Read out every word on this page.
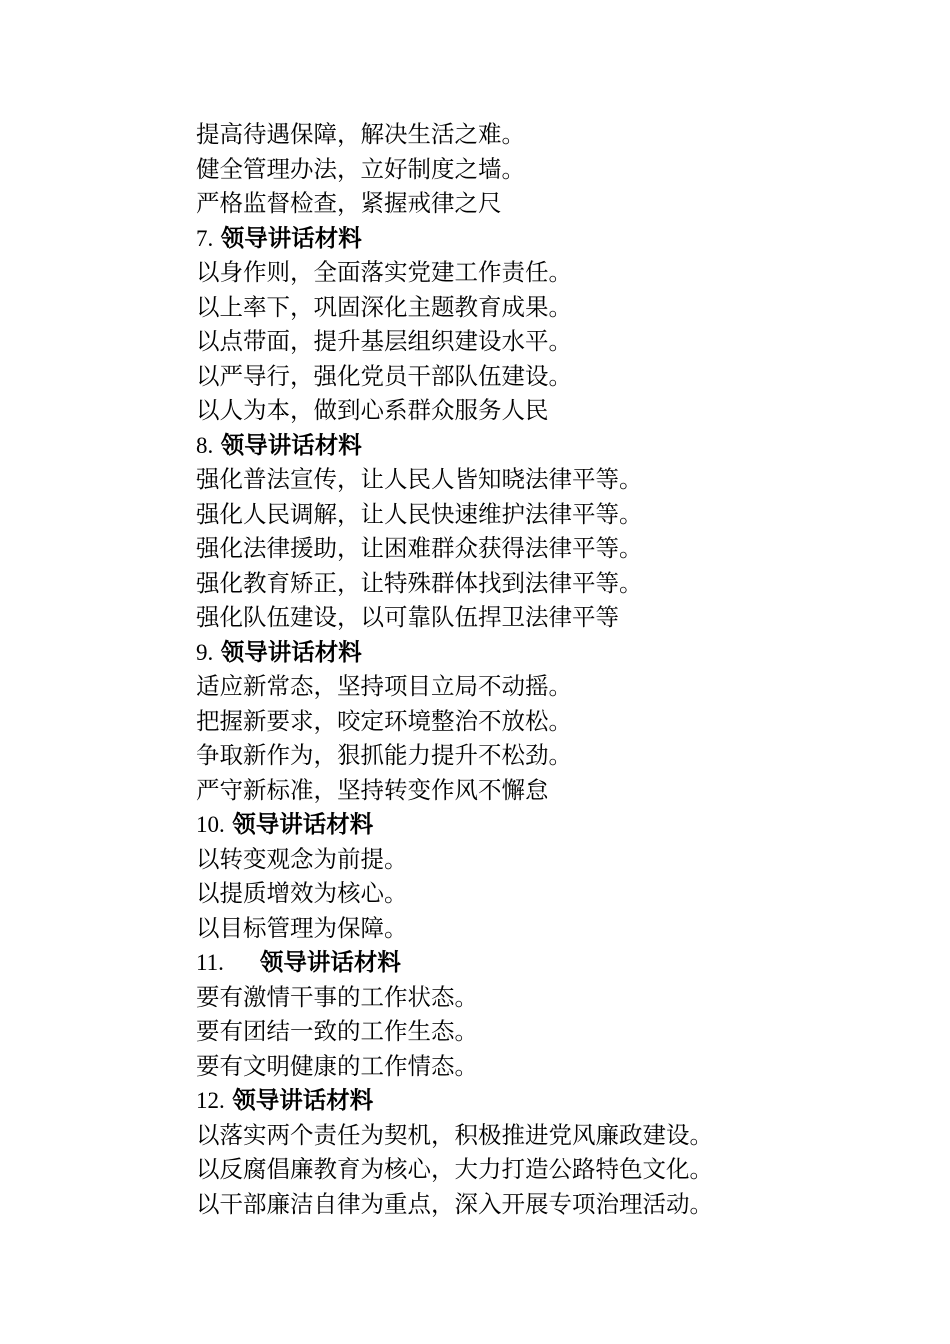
提高待遇保障，解决生活之难。
健全管理办法，立好制度之墙。
严格监督检查，紧握戒律之尺
7. 领导讲话材料
以身作则，全面落实党建工作责任。
以上率下，巩固深化主题教育成果。
以点带面，提升基层组织建设水平。
以严导行，强化党员干部队伍建设。
以人为本，做到心系群众服务人民
8. 领导讲话材料
强化普法宣传，让人民人皆知晓法律平等。
强化人民调解，让人民快速维护法律平等。
强化法律援助，让困难群众获得法律平等。
强化教育矫正，让特殊群体找到法律平等。
强化队伍建设，以可靠队伍捍卫法律平等
9. 领导讲话材料
适应新常态，坚持项目立局不动摇。
把握新要求，咬定环境整治不放松。
争取新作为，狠抓能力提升不松劲。
严守新标准，坚持转变作风不懈怠
10. 领导讲话材料
以转变观念为前提。
以提质增效为核心。
以目标管理为保障。
11. 领导讲话材料
要有激情干事的工作状态。
要有团结一致的工作生态。
要有文明健康的工作情态。
12. 领导讲话材料
以落实两个责任为契机，积极推进党风廉政建设。
以反腐倡廉教育为核心，大力打造公路特色文化。
以干部廉洁自律为重点，深入开展专项治理活动。
